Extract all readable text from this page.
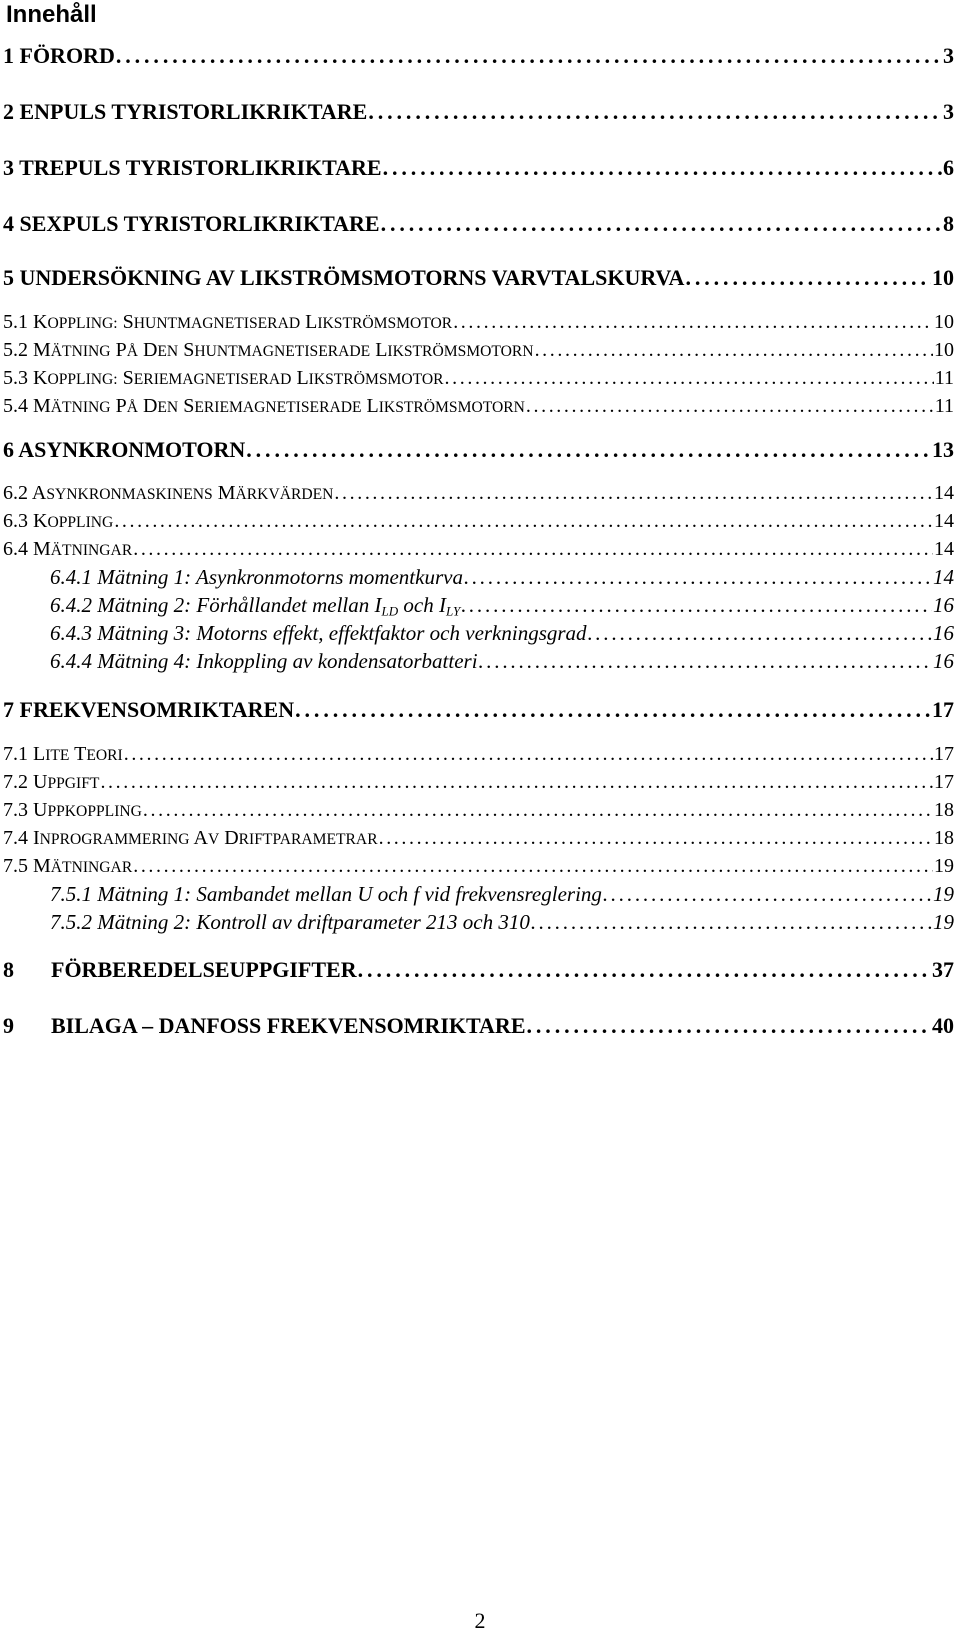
Innehåll
1 FÖRORD . . .	3
2 ENPULS TYRISTORLIKRIKTARE . . .	3
3 TREPULS TYRISTORLIKRIKTARE . . .	6
4 SEXPULS TYRISTORLIKRIKTARE . . .	8
5 UNDERSÖKNING AV LIKSTRÖMSMOTORNS VARVTALSKURVA . . .	10
5.1 KOPPLING: SHUNTMAGNETISERAD LIKSTRÖMSMOTOR . . .	10
5.2 MÄTNING PÅ DEN SHUNTMAGNETISERADE LIKSTRÖMSMOTORN . . .	10
5.3 KOPPLING: SERIEMAGNETISERAD LIKSTRÖMSMOTOR . . .	11
5.4 MÄTNING PÅ DEN SERIEMAGNETISERADE LIKSTRÖMSMOTORN . . .	11
6 ASYNKRONMOTORN . . .	13
6.2 ASYNKRONMASKINENS MÄRKVÄRDEN . . .	14
6.3 KOPPLING . . .	14
6.4 MÄTNINGAR . . .	14
6.4.1 Mätning 1: Asynkronmotorns momentkurva . . .	14
6.4.2 Mätning 2: Förhållandet mellan $I_{LD}$ och $I_{LY}$ . . .	16
6.4.3 Mätning 3: Motorns effekt, effektfaktor och verkningsgrad . . .	16
6.4.4 Mätning 4: Inkoppling av kondensatorbatteri . . .	16
7 FREKVENSOMRIKTAREN . . .	17
7.1 LITE TEORI . . .	17
7.2 UPPGIFT . . .	17
7.3 UPPKOPPLING . . .	18
7.4 INPROGRAMMERING AV DRIFTPARAMETRAR . . .	18
7.5 MÄTNINGAR . . .	19
7.5.1 Mätning 1: Sambandet mellan U och f vid frekvensreglering . . .	19
7.5.2 Mätning 2: Kontroll av driftparameter 213 och 310 . . .	19
8 FÖRBEREDELSEUPPGIFTER . . .	37
9 BILAGA – DANFOSS FREKVENSOMRIKTARE . . .	40
2
